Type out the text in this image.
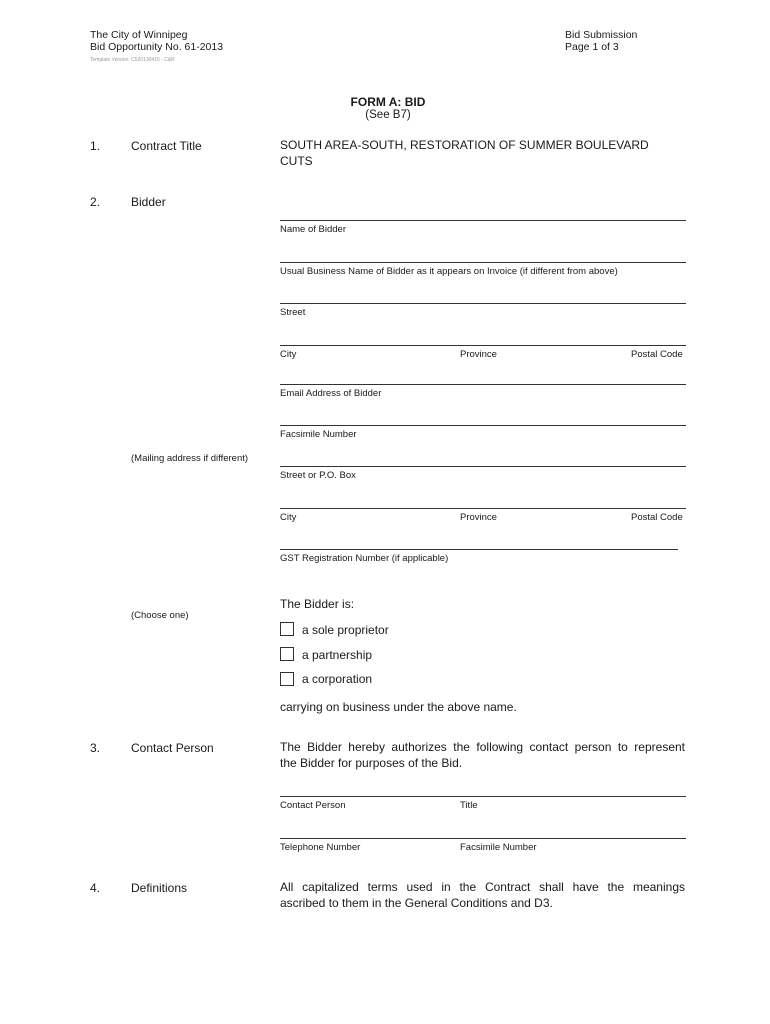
The City of Winnipeg
Bid Opportunity No. 61-2013
Template Version: C520130415 - C&R
Bid Submission
Page 1 of 3
FORM A: BID
(See B7)
1.	Contract Title	SOUTH AREA-SOUTH, RESTORATION OF SUMMER BOULEVARD
CUTS
2.	Bidder
Name of Bidder
Usual Business Name of Bidder as it appears on Invoice (if different from above)
Street
City	Province	Postal Code
Email Address of Bidder
Facsimile Number
(Mailing address if different)
Street or P.O. Box
City	Province	Postal Code
GST Registration Number (if applicable)
(Choose one)
The Bidder is:
a sole proprietor
a partnership
a corporation
carrying on business under the above name.
3.	Contact Person	The Bidder hereby authorizes the following contact person to represent
the Bidder for purposes of the Bid.
Contact Person	Title
Telephone Number	Facsimile Number
4.	Definitions	All capitalized terms used in the Contract shall have the meanings
ascribed to them in the General Conditions and D3.
